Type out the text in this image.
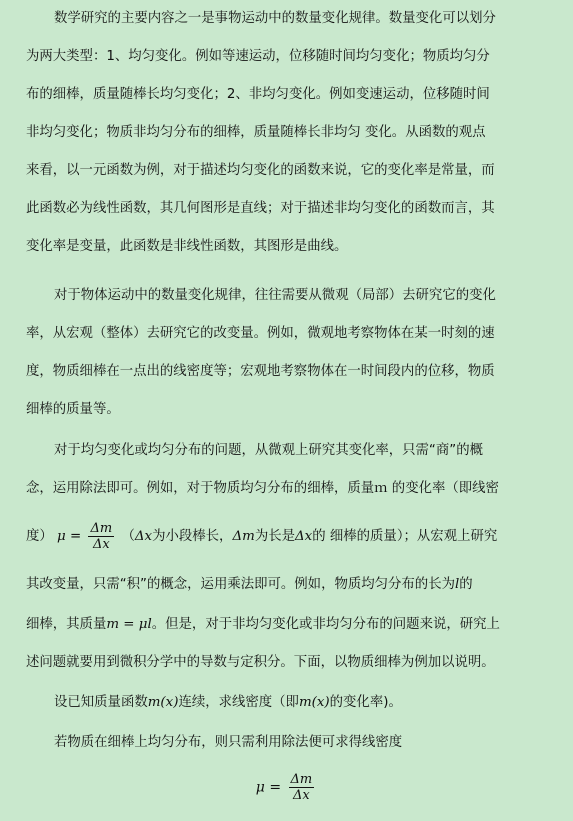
数学研究的主要内容之一是事物运动中的数量变化规律。数量变化可以划分
为两大类型：1、均匀变化。例如等速运动，位移随时间均匀变化；物质均匀分
布的细棒，质量随棒长均匀变化；2、非均匀变化。例如变速运动，位移随时间
非均匀变化；物质非均匀分布的细棒，质量随棒长非均匀 变化。从函数的观点
来看，以一元函数为例，对于描述均匀变化的函数来说，它的变化率是常量，而
此函数必为线性函数，其几何图形是直线；对于描述非均匀变化的函数而言，其
变化率是变量，此函数是非线性函数，其图形是曲线。
对于物体运动中的数量变化规律，往往需要从微观（局部）去研究它的变化
率，从宏观（整体）去研究它的改变量。例如，微观地考察物体在某一时刻的速
度，物质细棒在一点出的线密度等；宏观地考察物体在一时间段内的位移，物质
细棒的质量等。
对于均匀变化或均匀分布的问题，从微观上研究其变化率，只需“商”的概
念，运用除法即可。例如，对于物质均匀分布的细棒，质量ｍ 的变化率（即线密
度） $\mu = \frac{\Delta m}{\Delta x} (\Delta x$为小段棒长，Δm为长是Δx的 细棒的质量）；从宏观上研究
其改变量，只需“积”的概念，运用乘法即可。例如，物质均匀分布的长为l的
细棒，其质量m = μl。但是，对于非均匀变化或非均匀分布的问题来说，研究上
述问题就要用到微积分学中的导数与定积分。下面，以物质细棒为例加以说明。
设已知质量函数m(x)连续，求线密度（即m(x)的变化率)。
若物质在细棒上均匀分布，则只需利用除法便可求得线密度
$\mu = \frac{\Delta m}{\Delta x}$
